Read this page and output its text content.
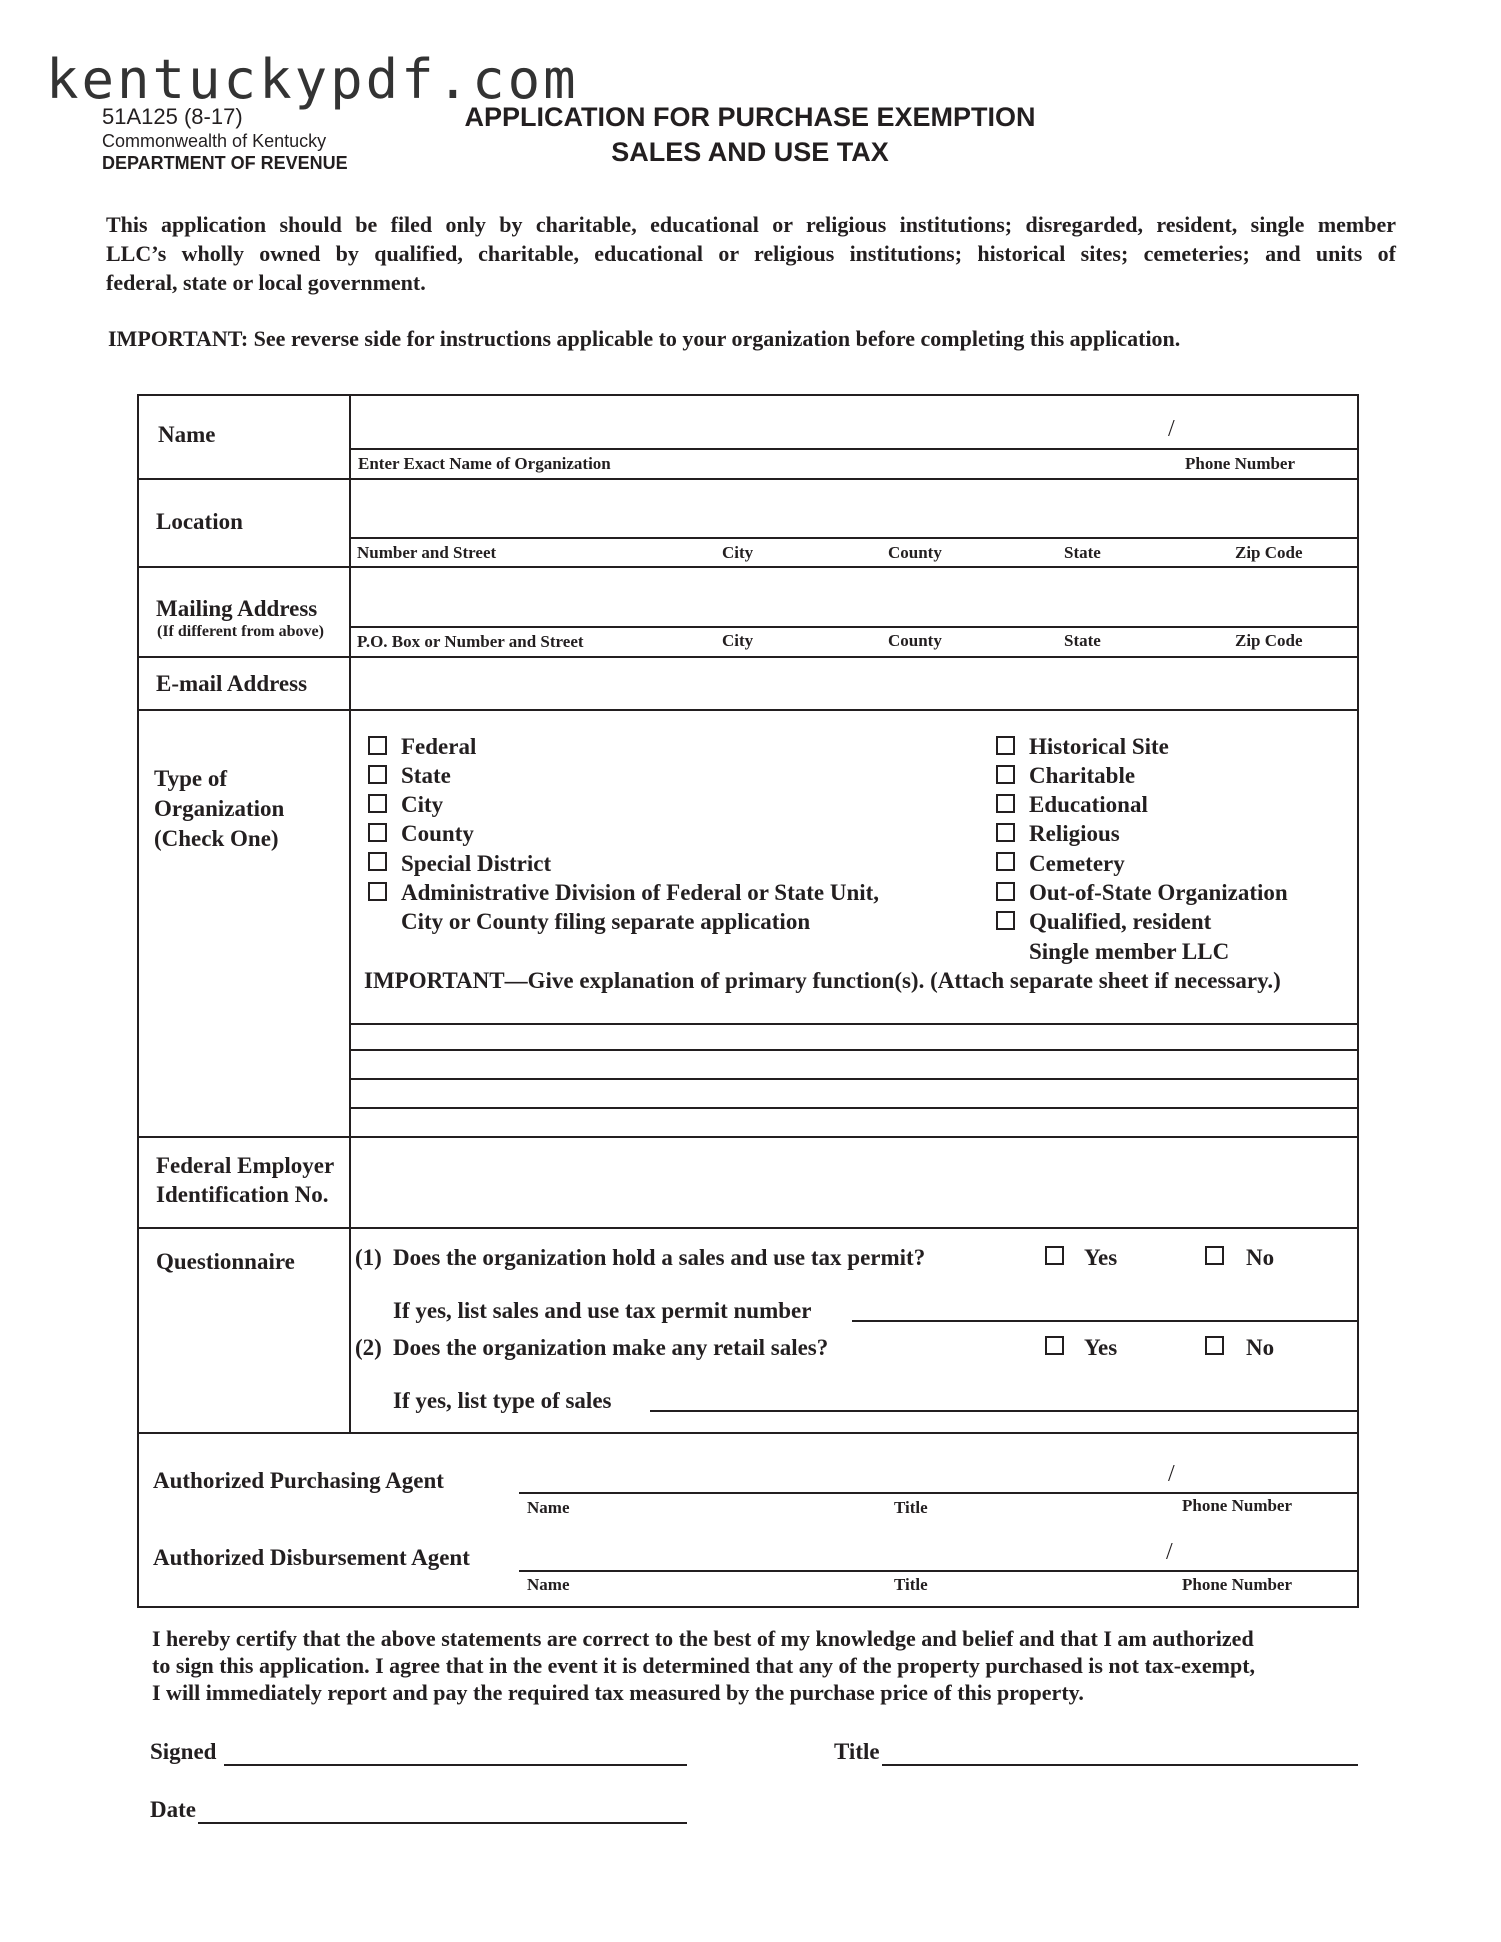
kentuckypdf.com
51A125 (8-17)
Commonwealth of Kentucky
DEPARTMENT OF REVENUE
APPLICATION FOR PURCHASE EXEMPTION
SALES AND USE TAX

This application should be filed only by charitable, educational or religious institutions; disregarded, resident, single member

LLC’s wholly owned by qualified, charitable, educational or religious institutions; historical sites; cemeteries; and units of

federal, state or local government.

IMPORTANT: See reverse side for instructions applicable to your organization before completing this application.
Name	/
Enter Exact Name of Organization	Phone Number
Location
Number and Street	City	County	State	Zip Code
Mailing Address
(If different from above)
P.O. Box or Number and Street	City	County	State	Zip Code
E-mail Address
Type of
Organization
(Check One)
Federal
State
City
County
Special District
Administrative Division of Federal or State Unit,
City or County filing separate application
Historical Site
Charitable
Educational
Religious
Cemetery
Out-of-State Organization
Qualified, resident
Single member LLC
IMPORTANT—Give explanation of primary function(s). (Attach separate sheet if necessary.)
Federal Employer
Identification No.
Questionnaire	(1) Does the organization hold a sales and use tax permit?	Yes	No
If yes, list sales and use tax permit number
(2) Does the organization make any retail sales?	Yes	No
If yes, list type of sales
Authorized Purchasing Agent	/
Name	Title	Phone Number
Authorized Disbursement Agent	/
Name	Title	Phone Number
I hereby certify that the above statements are correct to the best of my knowledge and belief and that I am authorized
to sign this application. I agree that in the event it is determined that any of the property purchased is not tax-exempt,
I will immediately report and pay the required tax measured by the purchase price of this property.
Signed	Title
Date
